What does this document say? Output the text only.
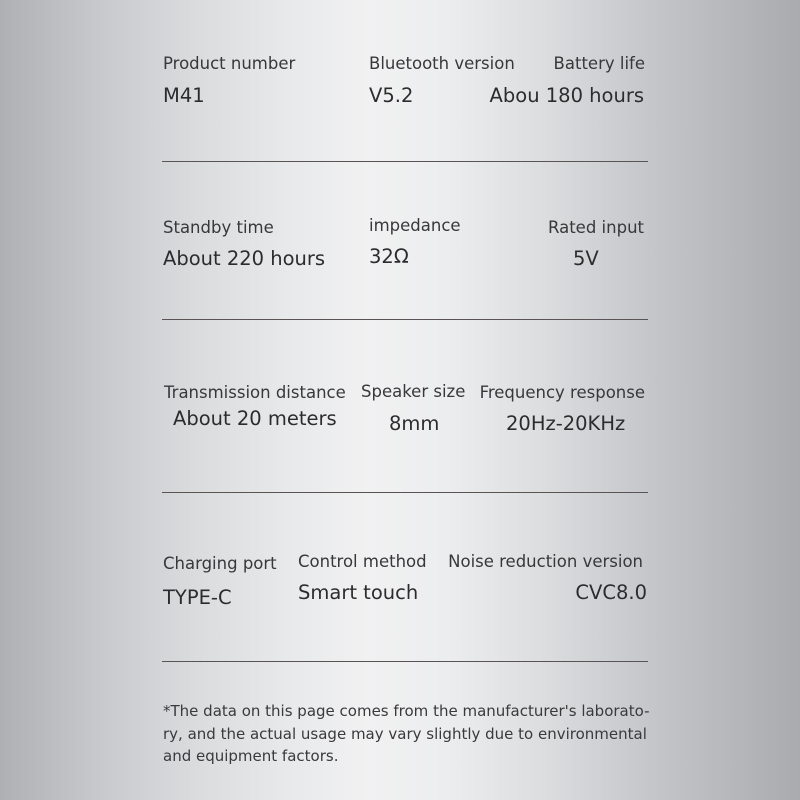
Product number
M41
Bluetooth version
V5.2
Battery life
Abou 180 hours
Standby time
About 220 hours
impedance
32Ω
Rated input
5V
Transmission distance
About 20 meters
Speaker size
8mm
Frequency response
20Hz-20KHz
Charging port
TYPE-C
Control method
Smart touch
Noise reduction version
CVC8.0
*The data on this page comes from the manufacturer's laborato-
ry, and the actual usage may vary slightly due to environmental
and equipment factors.
